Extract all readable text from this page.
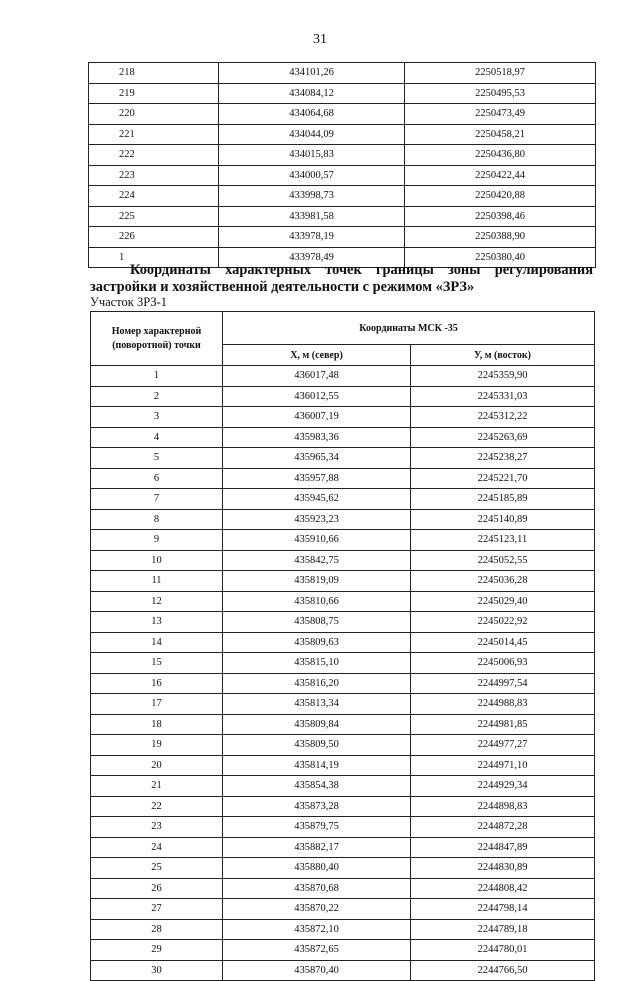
31
218	434101,26	2250518,97
219	434084,12	2250495,53
220	434064,68	2250473,49
221	434044,09	2250458,21
222	434015,83	2250436,80
223	434000,57	2250422,44
224	433998,73	2250420,88
225	433981,58	2250398,46
226	433978,19	2250388,90
1	433978,49	2250380,40
Координаты характерных точек границы зоны регулирования застройки и хозяйственной деятельности с режимом «ЗРЗ»
Участок ЗРЗ-1
Номер характерной (поворотной) точки	Координаты МСК -35	
	X, м (север)	У, м (восток)
1	436017,48	2245359,90
2	436012,55	2245331,03
3	436007,19	2245312,22
4	435983,36	2245263,69
5	435965,34	2245238,27
6	435957,88	2245221,70
7	435945,62	2245185,89
8	435923,23	2245140,89
9	435910,66	2245123,11
10	435842,75	2245052,55
11	435819,09	2245036,28
12	435810,66	2245029,40
13	435808,75	2245022,92
14	435809,63	2245014,45
15	435815,10	2245006,93
16	435816,20	2244997,54
17	435813,34	2244988,83
18	435809,84	2244981,85
19	435809,50	2244977,27
20	435814,19	2244971,10
21	435854,38	2244929,34
22	435873,28	2244898,83
23	435879,75	2244872,28
24	435882,17	2244847,89
25	435880,40	2244830,89
26	435870,68	2244808,42
27	435870,22	2244798,14
28	435872,10	2244789,18
29	435872,65	2244780,01
30	435870,40	2244766,50
